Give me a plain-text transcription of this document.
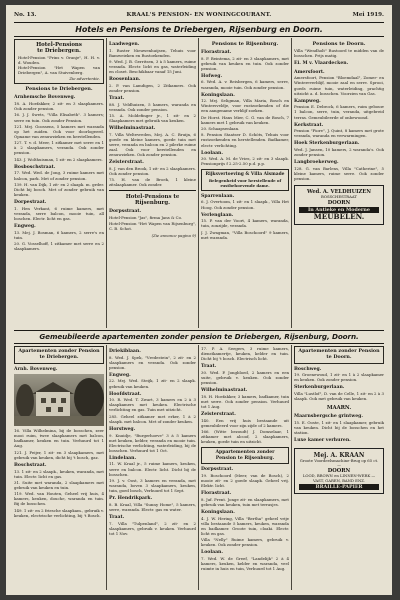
No. 13.	KRAAL'S PENSION- EN WONINGCOURANT.	Mei 1919.
Hotels en Pensions te Driebergen, Rijsenburg en Doorn.
Hotel-Pensions
te Driebergen.
Hotel-Pension "Prins v. Oranje", H. H. v. d. Wouden.
Hotel-Pension "Het Wapen van Driebergen", A. van Stuivenberg.
Zie advertentie.
Pensions te Driebergen.
Arnhemsche Bovenweg.
18. A. Hoefakker, 2 zit- en 3 slaapkamers. Ook zonder pension.
16. J. J. Swets, "Villa Elisabeth". 3 kamers; serre en tuin. Ook zonder Pension.
121. Mej. Goossens, 5 kamers met waranda op het zuiden. Ook voor doorlogeerd. Opname van zenuwzieken en herstellenden.
127. T. v. d. Meer, 1 zitkamer met serre en 1 à 2 slaapkamers, veranda. Ook zonder pension.
143. J. Wolthuisman, 1 zit- en 2 slaapkamers.
Bosboschstraat.
17. Wed. Wed. de Jong, 3 ruime kamers met balcon, park. Met of zonder pension.
139. H. van Dijk, 1 zit- en 2 slaapk. m. grder. Dicht bij bosch. Met of zonder gebruik van keuken.
Dorpestraat.
1. Hen Verkant, 6 ruime kamers, met veranda, serre balcon, mooie tuin, all boschen. Electr. licht en gas.
Engweg.
13. Mej. J. Bosman, 6 kamers, 2 serre's en tuin.
20. G. Vosselhoff, 1 zitkamer met serre en 2 slaapkamers.
Laadwegen.
1. Ruster Nieuwenhuijsen, Tehuis voor Bamweieken en Rustoekenden.
9. Wed. J. B. Gerritsen, 3 à 5 kamers, ruime veranda. Electr. licht en gas, waterleiding en closet. Beschikbaar vanaf 15 Juni.
Roosenlaan.
2. P. van Lamdigen, 2 Zitkamers. Ook zonder pension.
Traat.
88. J. Veldhuizen, 5 kamers, waranda en veranda. Ook zonder pension.
15. A. Moldefinger jr., 1 zit- en 2 Slaapkamers met gebruik van keuken.
Wilhelminastraat.
7. Villa Weltevreden, Mej. A. C. Bruijn, 6 goede en kleine kamers, goede tuin met serre, veranda en balcon en 2 pilerke ruime zaal. Ook voor herstellenden en zenuwzieken. Ook zonder pension.
Zeisterstraat.
8. J. van den Brook, 1 zit- en 2 slaapkamers. Ook zonder pension.
75. H. van de Broek, 1 kleine zitslaapkamer. Ook zonder.
Hotel-Pensions te Rijsenburg.
Dorpsstraat.
Hotel-Pension "Jas", firma Jans & Co.
Hotel-Pension "Het Wapen van Rijsenburg", C. B. Schot.
(Zie annonce pagina 9)
Pensions te Rijsenburg.
Florastraat.
8. F. Beintema, 2 zit- en 3 slaapkamers, met gebruik van keuken en tuin. Ook zonder pension.
Hofweg.
6. Wed. A. v. Reisbergen, 6 kamers, serre, waranda, mooie tuin. Ook zonder pension.
Koningslaan.
12. Mej. Seligman, Villa Maria, Bosch en Wintersveldje, voor rustzoekenden of die een aangename verblijf zoeken.
De Horst. Hans Mier, C. G. van de Bosch, 7 kamers met 1 gebruik van keuken.
20. Schaapsenlaan.
8. Pension Staatser D. Schöts, Tehuis voor rustzoekenden en herstellenden. Badkamer, electr. verlichting.
Loolaan.
30. Wed. A. M. de Vries, 2 zit- en 3 slaapk. Pensionprijs f 2.25-2.50 p.d. p.p.
Rijksvertoeving & Villa Alsmade
Belegenheid voor herstellende of rustbehoevende dame.
Sparrenlaan.
6. J. Overtoom, 1 zit- en 1 slaapk., Villa Het Hoog. Ook zonder pension.
Verlenglaan.
15. P. van der Voort, 4 kamers, waranda, tuin, zonzijde, veranda.
J. J. Zwagman, "Villa Boschoord" 9 kamers, met waranda.
Pensions te Doorn.
Villa "Wendholt" Rustoord te midden van de bosschen. Prijs matig.
Ei. M v. Vlaardecken.
Amersfoort.
Amersfoort, Pension "Bloemdaal", Zomer- en Wintereverblijf, mooie zaal en serre. Sprooi, goeds ruime tuin, waterleiding, prachtig uitzicht a. d. bosschen. Voorzien van Gas.
Kampweg.
Pension E. Debrock, 6 kamers, ruim gebouw 1 balcon, serre, tuin, veranda, uitgebreid terras. Gemeubileerde of onbewoond.
Kerkstraat.
Pension "Fiore", J. Quint, 8 kamers met grote veranda, waranda en verwarmingen.
Hoek Sterkenburgerlaan.
Wed. J. Jansen, 10 kamers, 2 waranda's. Ook zonder pension.
Langbroekerweg.
128. G. van Barlens, Villa "Catherine", 5 kleine kamers, ruime serre. Ook zonder pension.
Wed. A. VELDHUIZEN
BOSSCHESTRAAT
DOORN
In Antieke en Moderne
MEUBELEN.
Gemeubileerde apartementen zonder pension te Driebergen, Rijsenburg, Doorn.
Apartementen zonder Pension te Driebergen.
Arnh. Bovenweg.
16. Villa Wilhelmina, bij de bosschen, zeer mooi ruim, twee slaapkamers met balcon, badkamer, keuken en tuin. Verhuurd tot 1 Aug.
121. J. Feijer, 1 zit- en 3 slaapkamers, met gebruik van keuken, dicht bij 't bosch, gaz.
Boschstraat.
13. 1 zit- en 2 slaapk., keuken, waranda, met tuin. Electr. licht en gas.
31. Suite met waranda, 2 slaapkamers met gebruik van keuken en tuin.
119. Wed. van Houten, Geheel vrij huis, 4 kamers, keuken, douche, waranda en tuin. Bij de bosschen.
149. 1 zit- en 2 friesche slaapkam., gebruik v. keuken, electrische verlichting, bij 't Bosch.
Driekiblaan.
8. Wed. J. Spek, "Vredestein", 2 zit- en 2 slaapkamers en veranda. Ook zonder pension.
Engweg.
22. Mej. Wed. Steijk, 1 zit- en 2 slaapk. gebruik van keuken.
Hoofdstraat.
10. R. Wed. T. Zwart, 3 kamers en 2 à 3 slaapkamers met keuken. Electrische verlichting en gas. Tuin met uitzicht.
285. Geheel zitkamer met erker, 1 à 2 slaapk. met balcon. Met of zonder keuken.
Horstweg.
9. Knuidje, "Burgerhoeve" 3 à 5 kamers met keuken, kelder, veranda en mooie tuin. Electrische verlichting, waterleiding, bij de bosschen. Verhuurd tot 1 Oct.
Lindelaan.
11. W. Kraal jr., 5 ruime kamers, keuken, serre en balcon. Electr. licht. Dicht bij de bosschen.
19. J. v. Oost, 3 kamers en veranda, met waranda, boven 3 slaapkamers, keuken, tuin, goed bosch, Verhuurd tot 1 Sept.
Pr. Hendrikpark.
8. B. Kraal, Villa "Sunny Home", 5 kamers, serre, waranda. Electr. gas en water.
Traat.
7. Villa "Tulpenland", 2 zit- en 2 slaapkamers, gebruik v. keuken. Verhuurd tot 1 Nov.
17. P. A. Seegers, 3 ruime kamers, dienstkamertje, keuken, kelder en tuin. Dicht bij 't bosch. Electrisch licht.
Traat.
30. Wed. P. Jongbloed, 2 kamers en een suite, gebruik v. keuken. Ook zonder pension.
Wilhelminastraat.
18. H. Hoefakker, 3 kamers, badkamer, tuin met serre. Ook zonder pension. Verhuurd tot 1 Aug.
Zeisterstraat.
140. Een vrij huis bestaande uit gemeubileerd voor zijn zijde of 2 kamers.
166. (Witte bezoudt) J. Domselaar, 1 zitkamer met alcoof, 2 slaapkamers, keuken, goede tuin en uitzicht.
Appartementen zonder Pension te Rijsenburg.
Dorpsstraat.
19. Boschoord (Meer, van de Bosch), 2 mooie zit- en 2 goede slaapk. Geheel vrij. Elektr. licht.
Florastraat.
8. Juf. Prent. Jonge zit- en slaapkamers, met gebruik van keuken, tuin met terrasjes.
Koningslaan.
4. J. W. Hering, Villa "Bertha" geheel vrije villa bestaande 5 kamers, keuken, waranda en badkamer. Groote tuin, cloaki. Electr. licht en gas.
Villa "Nelly" Ruime kamers, gebruik v. keuken. Ook zonder pension.
Loolaan.
7. Wed. W. de Greef, "Landelijk" 2 à 4 kamers, keuken, kelder en waranda, veel ruimte in huis en tuin, Verhuurd tot 1 Aug.
Apartementen zonder Pension te Doorn.
Boschweg.
19. Groenewoud, 1 zit- en 1 à 2 slaapkamer en keuken. Ook zonder pension.
Sterkenburgerlaan.
Villa "Lustlof", D. van de Celle, 1 zit- en 2 à 3 slaapk. Ook met gebruik van keuken.
MAARN.
Maarnsbergsche grintweg.
15. E. Ooste, 1 zit- en 1 slaapkamer, gebruik van keuken. Dicht bij de bosschen en het station.
Luxe kamer verhuren.
Mej. A. KRAAN
Groote Voordeelsmachine-Brug op 65 ct. —
DOORN
LOOD, BROWN en LINNEN-WERK — VAST, GAREN, BAND ENZ.
BRAILLE-PAPIER
